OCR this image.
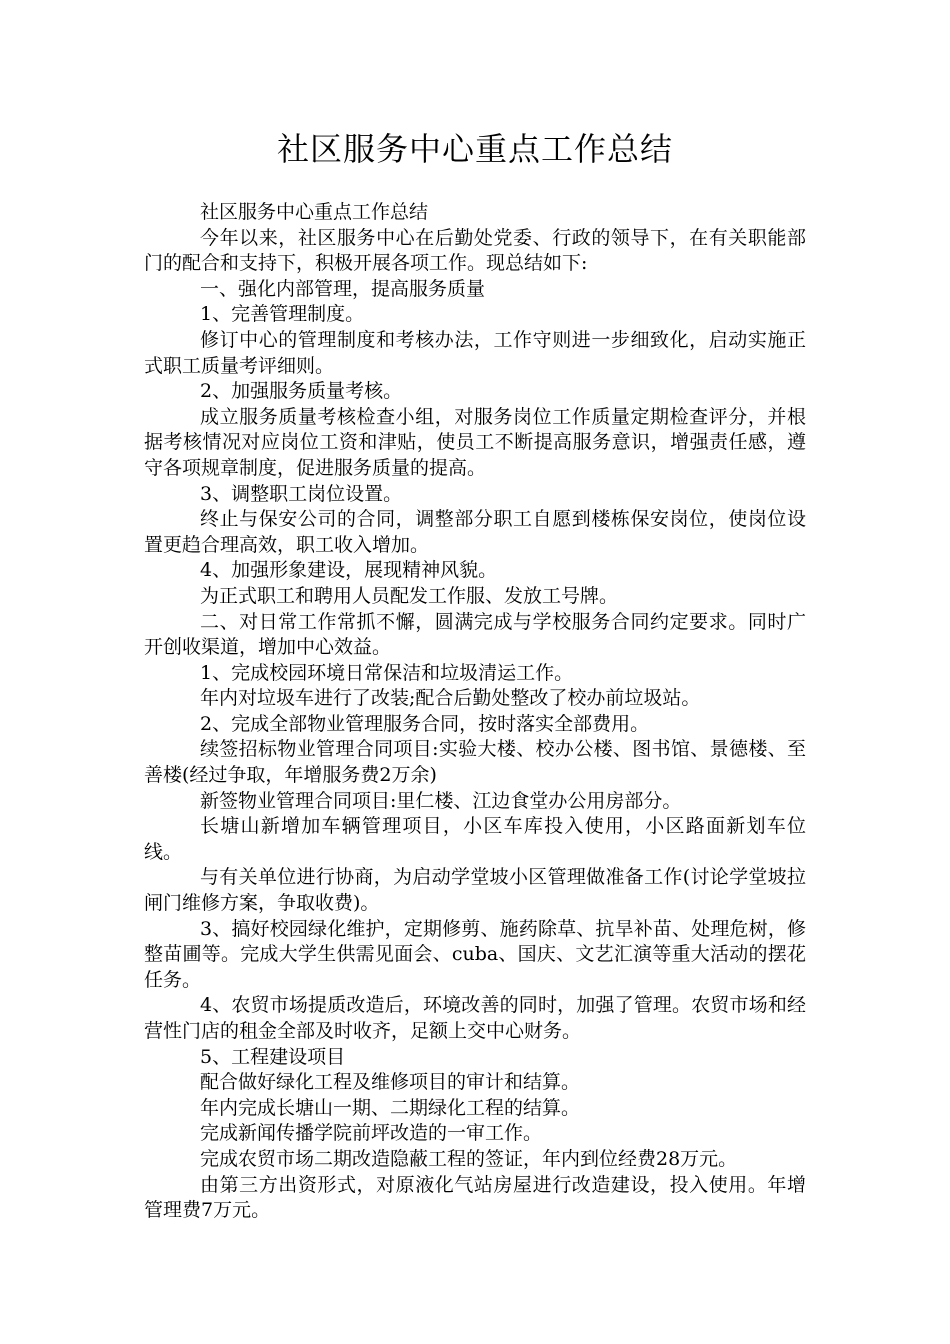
社区服务中心重点工作总结

社区服务中心重点工作总结

今年以来，社区服务中心在后勤处党委、行政的领导下，在有关职能部门的配合和支持下，积极开展各项工作。现总结如下:

一、强化内部管理，提高服务质量

1、完善管理制度。

修订中心的管理制度和考核办法，工作守则进一步细致化，启动实施正式职工质量考评细则。

2、加强服务质量考核。

成立服务质量考核检查小组，对服务岗位工作质量定期检查评分，并根据考核情况对应岗位工资和津贴，使员工不断提高服务意识，增强责任感，遵守各项规章制度，促进服务质量的提高。

3、调整职工岗位设置。

终止与保安公司的合同，调整部分职工自愿到楼栋保安岗位，使岗位设置更趋合理高效，职工收入增加。

4、加强形象建设，展现精神风貌。

为正式职工和聘用人员配发工作服、发放工号牌。

二、对日常工作常抓不懈，圆满完成与学校服务合同约定要求。同时广开创收渠道，增加中心效益。

1、完成校园环境日常保洁和垃圾清运工作。

年内对垃圾车进行了改装;配合后勤处整改了校办前垃圾站。

2、完成全部物业管理服务合同，按时落实全部费用。

续签招标物业管理合同项目:实验大楼、校办公楼、图书馆、景德楼、至善楼(经过争取，年增服务费2万余)

新签物业管理合同项目:里仁楼、江边食堂办公用房部分。

长塘山新增加车辆管理项目，小区车库投入使用，小区路面新划车位线。

与有关单位进行协商，为启动学堂坡小区管理做准备工作(讨论学堂坡拉闸门维修方案，争取收费)。

3、搞好校园绿化维护，定期修剪、施药除草、抗旱补苗、处理危树，修整苗圃等。完成大学生供需见面会、cuba、国庆、文艺汇演等重大活动的摆花任务。

4、农贸市场提质改造后，环境改善的同时，加强了管理。农贸市场和经营性门店的租金全部及时收齐，足额上交中心财务。

5、工程建设项目

配合做好绿化工程及维修项目的审计和结算。

年内完成长塘山一期、二期绿化工程的结算。

完成新闻传播学院前坪改造的一审工作。

完成农贸市场二期改造隐蔽工程的签证，年内到位经费28万元。

由第三方出资形式，对原液化气站房屋进行改造建设，投入使用。年增管理费7万元。
